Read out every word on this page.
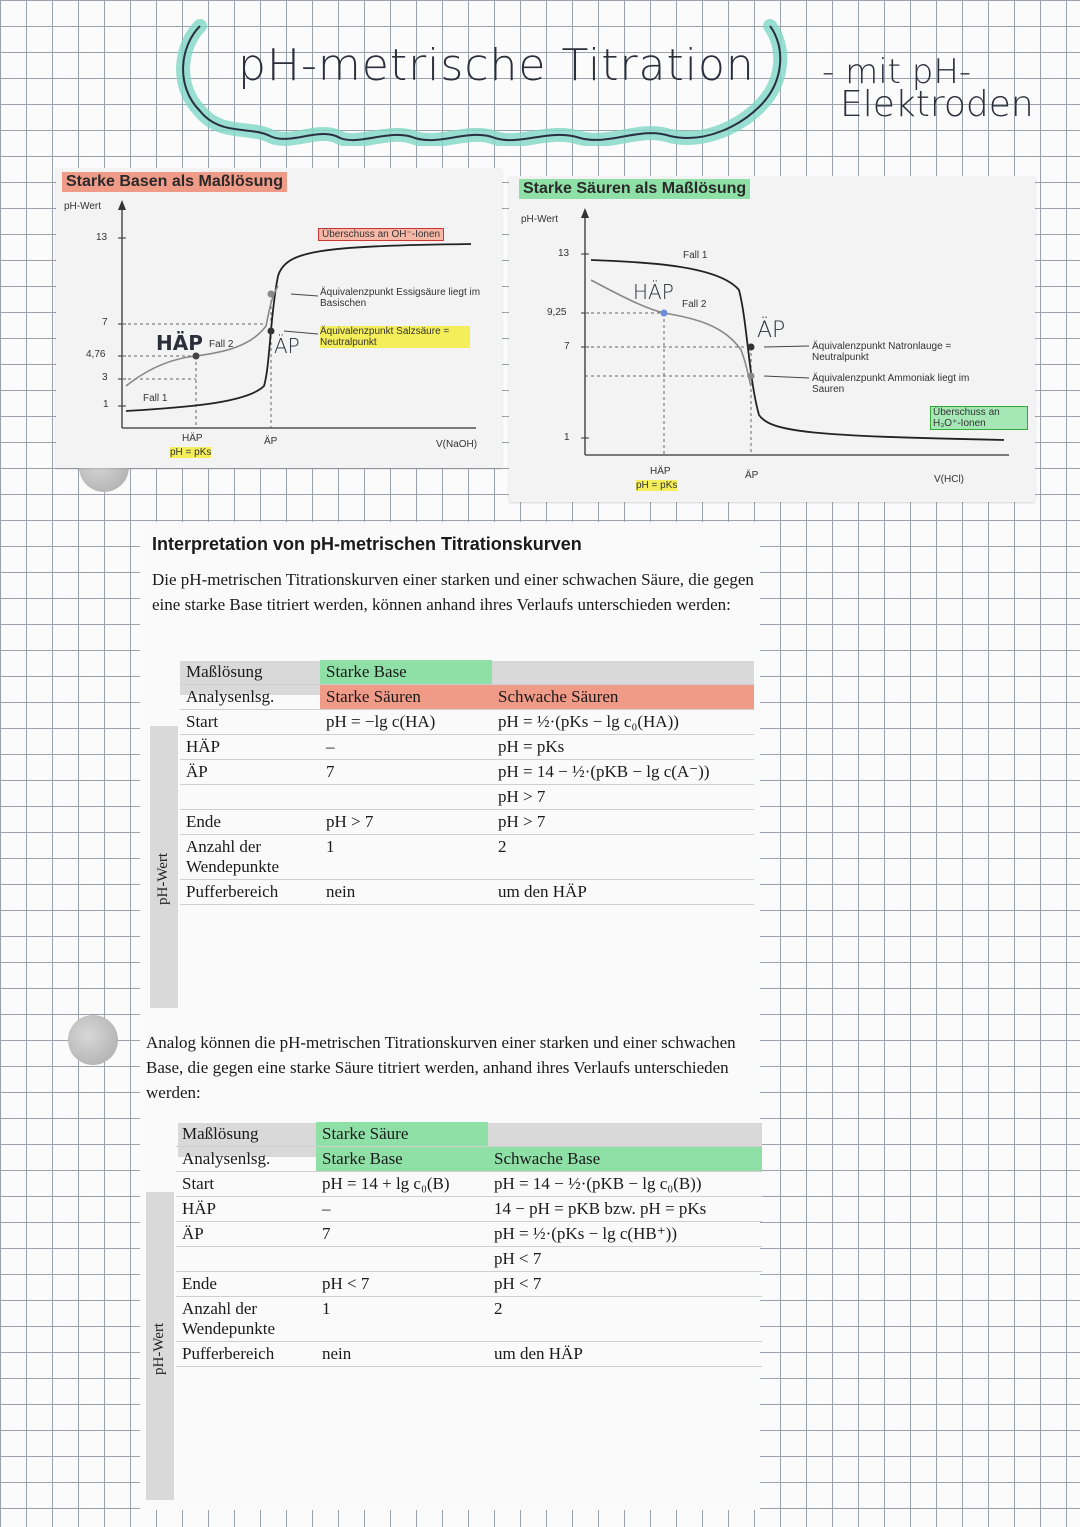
pH-metrische Titration - mit pH-
Elektroden
Starke Basen als Maßlösung
pH-Wert
13
7
4,76
3
1
Überschuss an OH⁻-Ionen
Äquivalenzpunkt Essigsäure liegt im Basischen
Äquivalenzpunkt Salzsäure = Neutralpunkt
HÄP Fall 2 ÄP
Fall 1
HÄP
pH = pKs
ÄP	V(NaOH)
Starke Säuren als Maßlösung
pH-Wert
13
9,25
7
1
Fall 1
HÄP
Fall 2
ÄP
Äquivalenzpunkt Natronlauge = Neutralpunkt
Äquivalenzpunkt Ammoniak liegt im Sauren
Überschuss an H₃O⁺-Ionen
HÄP
pH = pKs
ÄP	V(HCl)
Interpretation von pH-metrischen Titrationskurven

Die pH-metrischen Titrationskurven einer starken und einer schwachen Säure, die gegen eine starke Base titriert werden, können anhand ihres Verlaufs unterschieden werden:

pH-Wert
Maßlösung	Starke Base	
Analysenlsg.	Starke Säuren	Schwache Säuren
Start	pH = −lg c(HA)	pH = ½·(pKs − lg c₀(HA))
HÄP	–	pH = pKs
ÄP	7	pH = 14 − ½·(pKB − lg c(A⁻))
		pH > 7
Ende	pH > 7	pH > 7
Anzahl der Wendepunkte	1	2
Pufferbereich	nein	um den HÄP

Analog können die pH-metrischen Titrationskurven einer starken und einer schwachen Base, die gegen eine starke Säure titriert werden, anhand ihres Verlaufs unterschieden werden:

pH-Wert
Maßlösung	Starke Säure	
Analysenlsg.	Starke Base	Schwache Base
Start	pH = 14 + lg c₀(B)	pH = 14 − ½·(pKB − lg c₀(B))
HÄP	–	14 − pH = pKB bzw. pH = pKs
ÄP	7	pH = ½·(pKs − lg c(HB⁺))
		pH < 7
Ende	pH < 7	pH < 7
Anzahl der Wendepunkte	1	2
Pufferbereich	nein	um den HÄP
